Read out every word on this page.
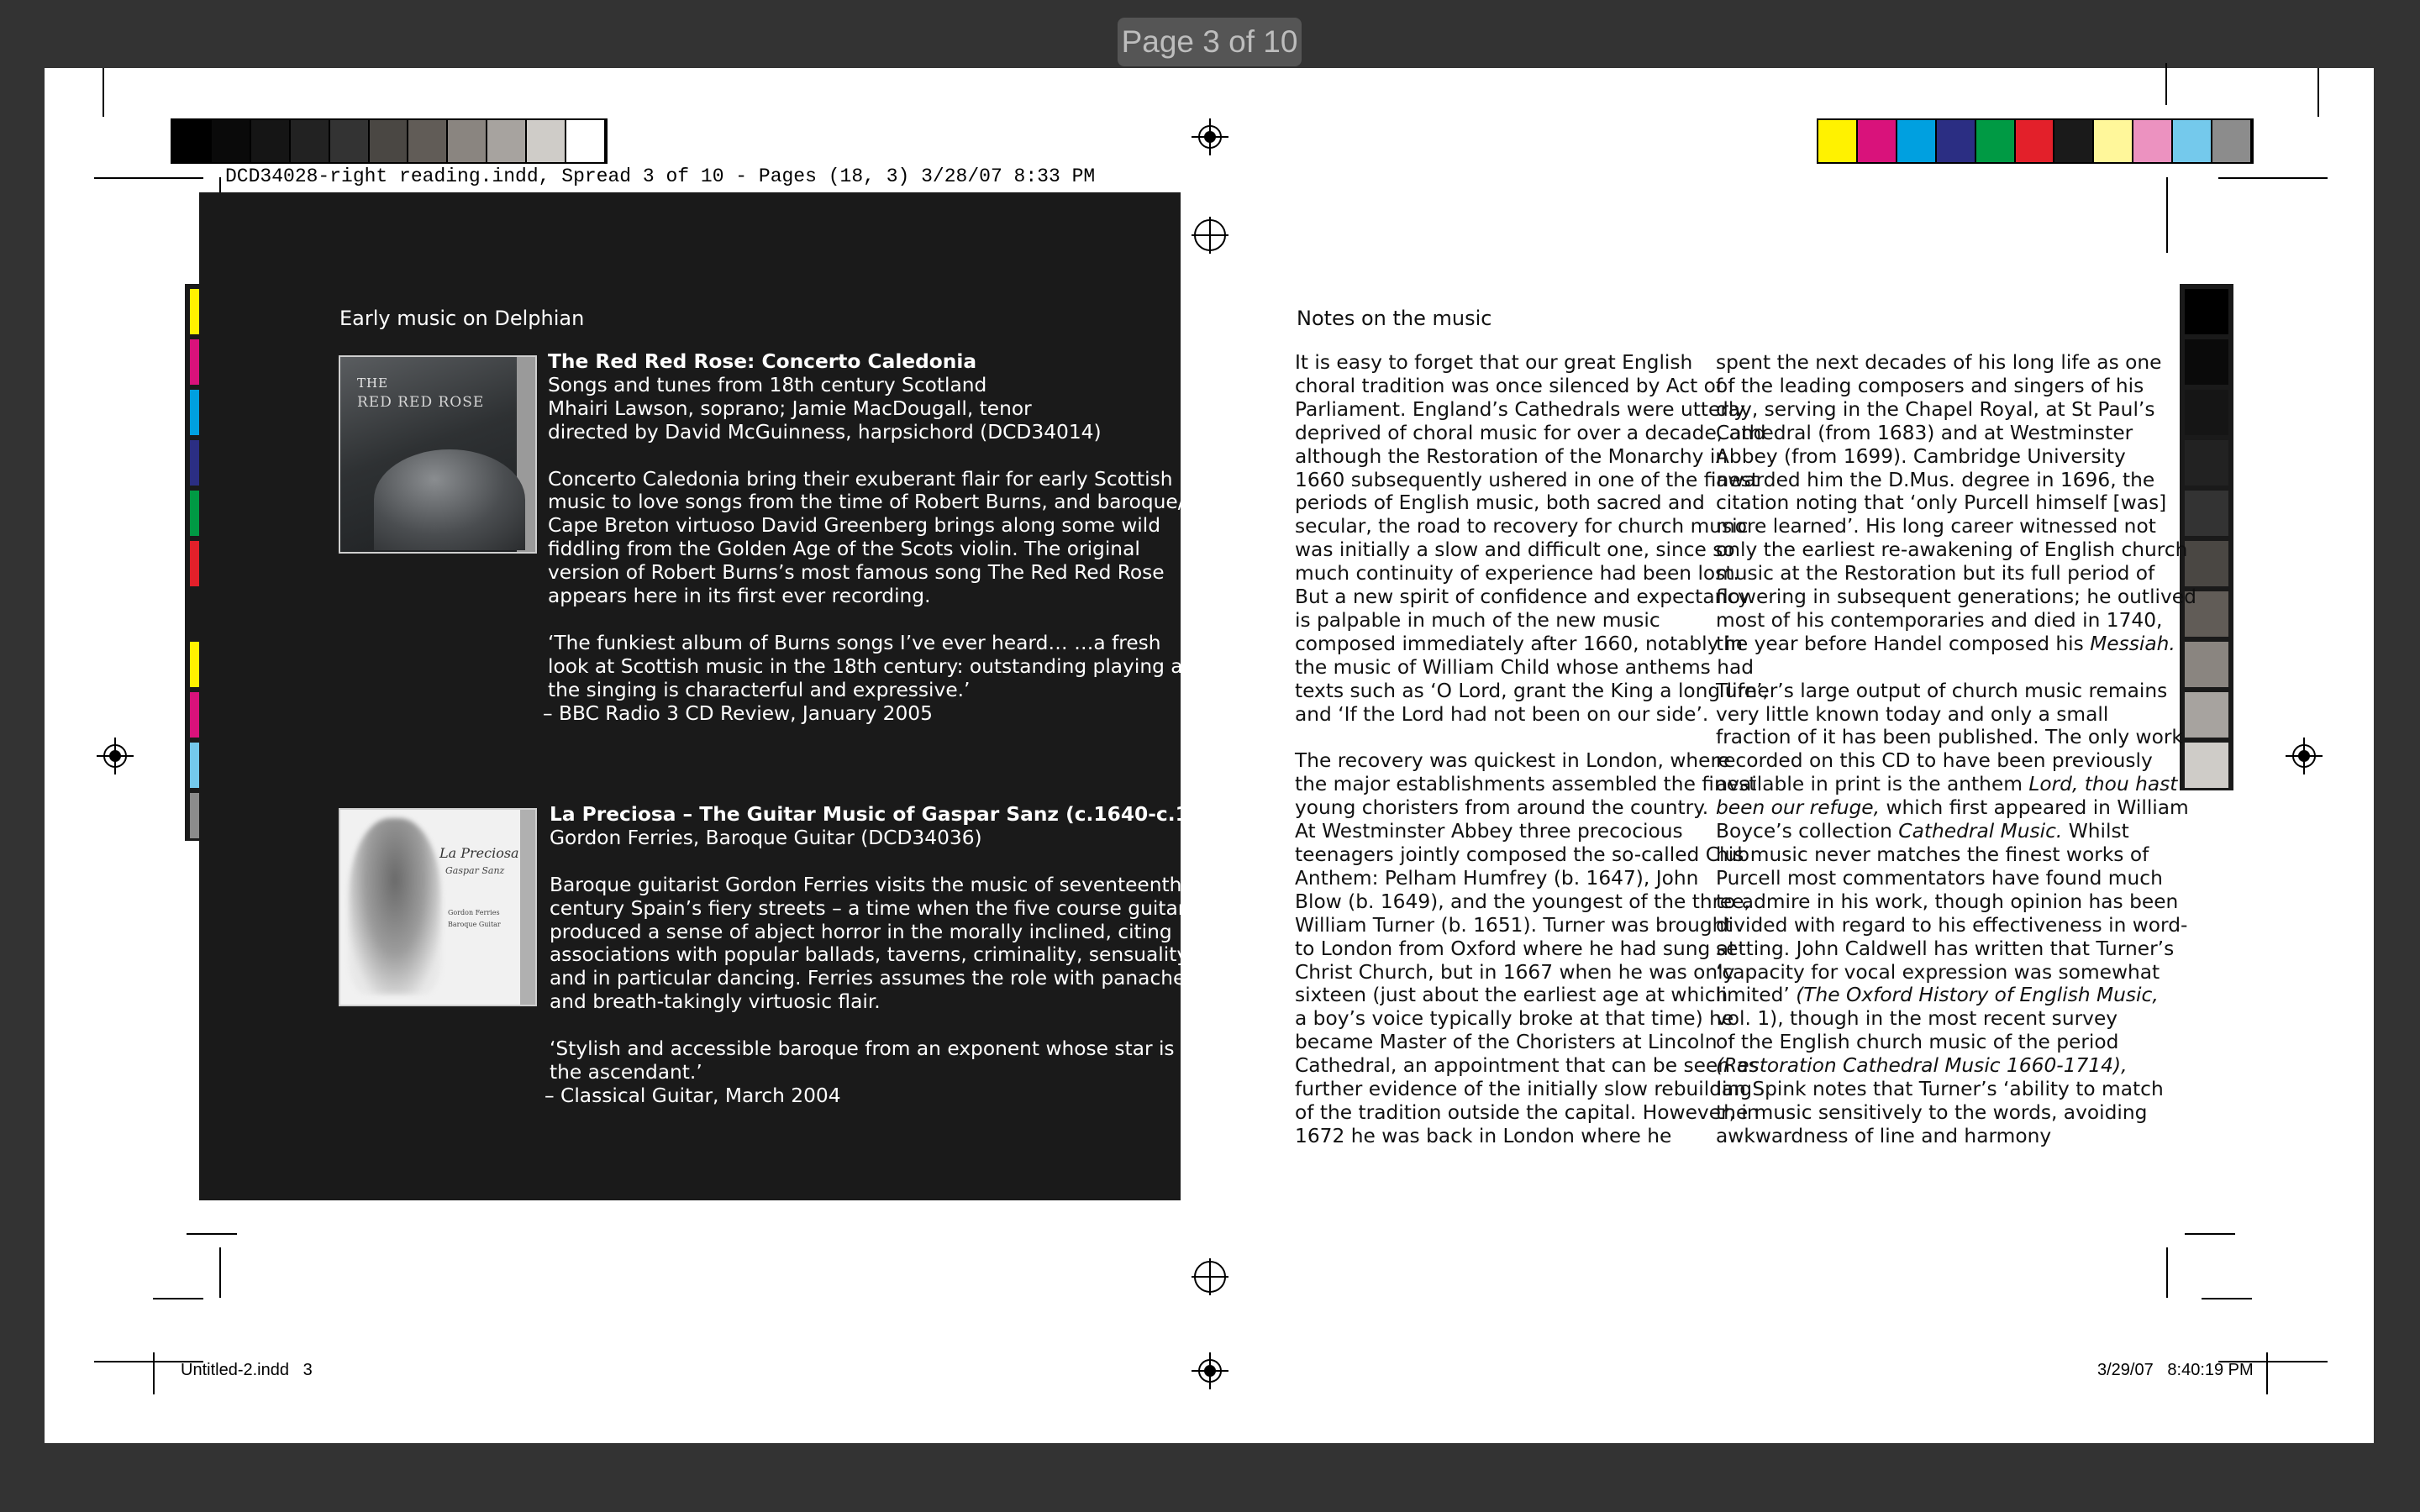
Page 3 of 10
DCD34028-right reading.indd, Spread 3 of 10 - Pages (18, 3) 3/28/07 8:33 PM
Early music on Delphian
THE
RED RED ROSE

The Red Red Rose: Concerto Caledonia

Songs and tunes from 18th century Scotland

Mhairi Lawson, soprano; Jamie MacDougall, tenor

directed by David McGuinness, harpsichord (DCD34014)

Concerto Caledonia bring their exuberant flair for early Scottish

music to love songs from the time of Robert Burns, and baroque/

Cape Breton virtuoso David Greenberg brings along some wild

fiddling from the Golden Age of the Scots violin. The original

version of Robert Burns’s most famous song The Red Red Rose

appears here in its first ever recording.

‘The funkiest album of Burns songs I’ve ever heard… …a fresh

look at Scottish music in the 18th century: outstanding playing and

the singing is characterful and expressive.’

– BBC Radio 3 CD Review, January 2005

La Preciosa
Gaspar Sanz
Gordon Ferries
Baroque Guitar

La Preciosa – The Guitar Music of Gaspar Sanz (c.1640-c.1710)

Gordon Ferries, Baroque Guitar (DCD34036)

Baroque guitarist Gordon Ferries visits the music of seventeenth-

century Spain’s fiery streets – a time when the five course guitar

produced a sense of abject horror in the morally inclined, citing

associations with popular ballads, taverns, criminality, sensuality

and in particular dancing. Ferries assumes the role with panache

and breath-takingly virtuosic flair.

‘Stylish and accessible baroque from an exponent whose star is in

the ascendant.’

– Classical Guitar, March 2004

Notes on the music

It is easy to forget that our great English

choral tradition was once silenced by Act of

Parliament. England’s Cathedrals were utterly

deprived of choral music for over a decade, and

although the Restoration of the Monarchy in

1660 subsequently ushered in one of the finest

periods of English music, both sacred and

secular, the road to recovery for church music

was initially a slow and difficult one, since so

much continuity of experience had been lost.

But a new spirit of confidence and expectancy

is palpable in much of the new music

composed immediately after 1660, notably in

the music of William Child whose anthems had

texts such as ‘O Lord, grant the King a long life’,

and ‘If the Lord had not been on our side’.

The recovery was quickest in London, where

the major establishments assembled the finest

young choristers from around the country.

At Westminster Abbey three precocious

teenagers jointly composed the so-called Club

Anthem: Pelham Humfrey (b. 1647), John

Blow (b. 1649), and the youngest of the three,

William Turner (b. 1651). Turner was brought

to London from Oxford where he had sung at

Christ Church, but in 1667 when he was only

sixteen (just about the earliest age at which

a boy’s voice typically broke at that time) he

became Master of the Choristers at Lincoln

Cathedral, an appointment that can be seen as

further evidence of the initially slow rebuilding

of the tradition outside the capital. However, in

1672 he was back in London where he

spent the next decades of his long life as one

of the leading composers and singers of his

day, serving in the Chapel Royal, at St Paul’s

Cathedral (from 1683) and at Westminster

Abbey (from 1699). Cambridge University

awarded him the D.Mus. degree in 1696, the

citation noting that ‘only Purcell himself [was]

more learned’. His long career witnessed not

only the earliest re-awakening of English church

music at the Restoration but its full period of

flowering in subsequent generations; he outlived

most of his contemporaries and died in 1740,

the year before Handel composed his Messiah.

Turner’s large output of church music remains

very little known today and only a small

fraction of it has been published. The only work

recorded on this CD to have been previously

available in print is the anthem Lord, thou hast

been our refuge, which first appeared in William

Boyce’s collection Cathedral Music. Whilst

his music never matches the finest works of

Purcell most commentators have found much

to admire in his work, though opinion has been

divided with regard to his effectiveness in word-

setting. John Caldwell has written that Turner’s

‘capacity for vocal expression was somewhat

limited’ (The Oxford History of English Music,

vol. 1), though in the most recent survey

of the English church music of the period

(Restoration Cathedral Music 1660-1714),

Ian Spink notes that Turner’s ‘ability to match

the music sensitively to the words, avoiding

awkwardness of line and harmony

Untitled-2.indd   3	3/29/07   8:40:19 PM
